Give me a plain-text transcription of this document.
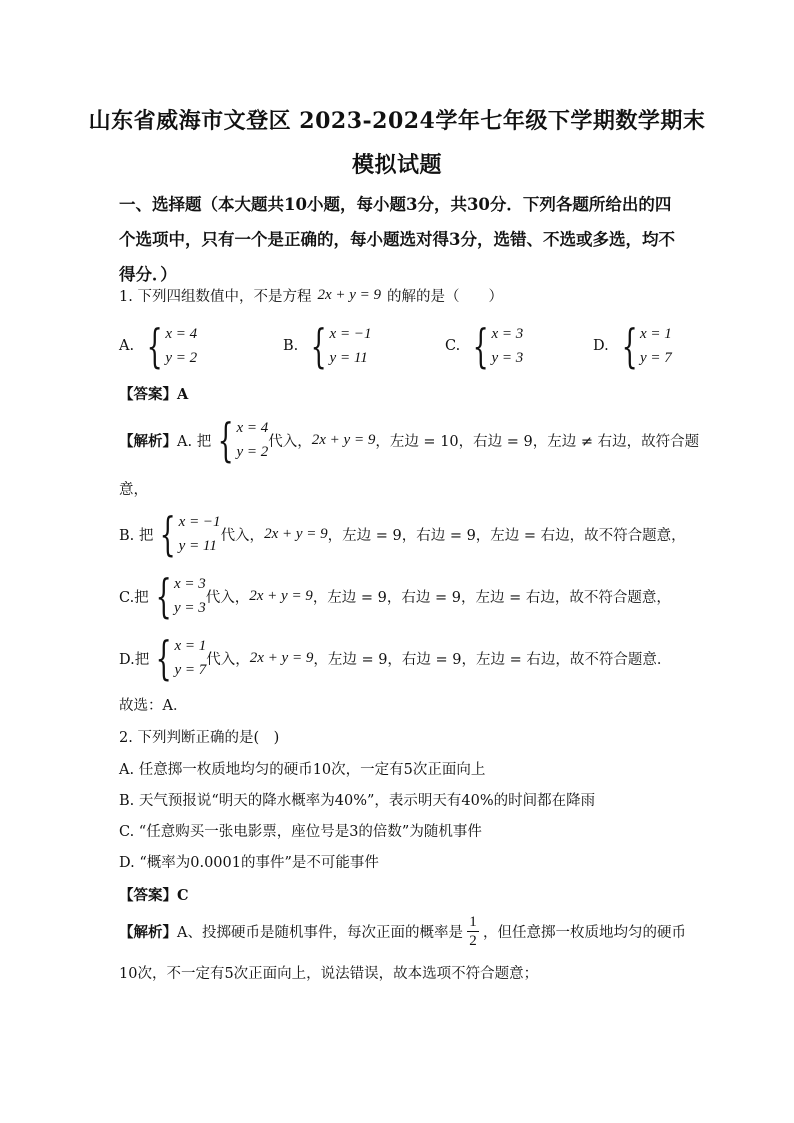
山东省威海市文登区 2023-2024学年七年级下学期数学期末
模拟试题
一、选择题（本大题共10小题，每小题3分，共30分．下列各题所给出的四个选项中，只有一个是正确的，每小题选对得3分，选错、不选或多选，均不得分．）
1. 下列四组数值中，不是方程 2x + y = 9 的解的是（　　）
A. { x = 4
y = 2
B. { x = −1
y = 11
C. { x = 3
y = 3
D. { x = 1
y = 7
【答案】A
【解析】 A. 把 { x = 4
y = 2
代入， 2x + y = 9 ，左边 = 10，右边 = 9，左边 ≠ 右边，故符合题
意，
B. 把 { x = −1
y = 11
代入， 2x + y = 9 ，左边 = 9，右边 = 9，左边 = 右边，故不符合题意，
C.把 { x = 3
y = 3
代入， 2x + y = 9 ，左边 = 9，右边 = 9，左边 = 右边，故不符合题意，
D.把 { x = 1
y = 7
代入， 2x + y = 9 ，左边 = 9，右边 = 9，左边 = 右边，故不符合题意．
故选：A．
2. 下列判断正确的是(　)
A. 任意掷一枚质地均匀的硬币10次，一定有5次正面向上
B. 天气预报说“明天的降水概率为40%”，表示明天有40%的时间都在降雨
C. “任意购买一张电影票，座位号是3的倍数”为随机事件
D. “概率为0.0001的事件”是不可能事件
【答案】C
【解析】 A、投掷硬币是随机事件，每次正面的概率是 $\frac{1}{2}$ ，但任意掷一枚质地均匀的硬币
10次，不一定有5次正面向上，说法错误，故本选项不符合题意；
